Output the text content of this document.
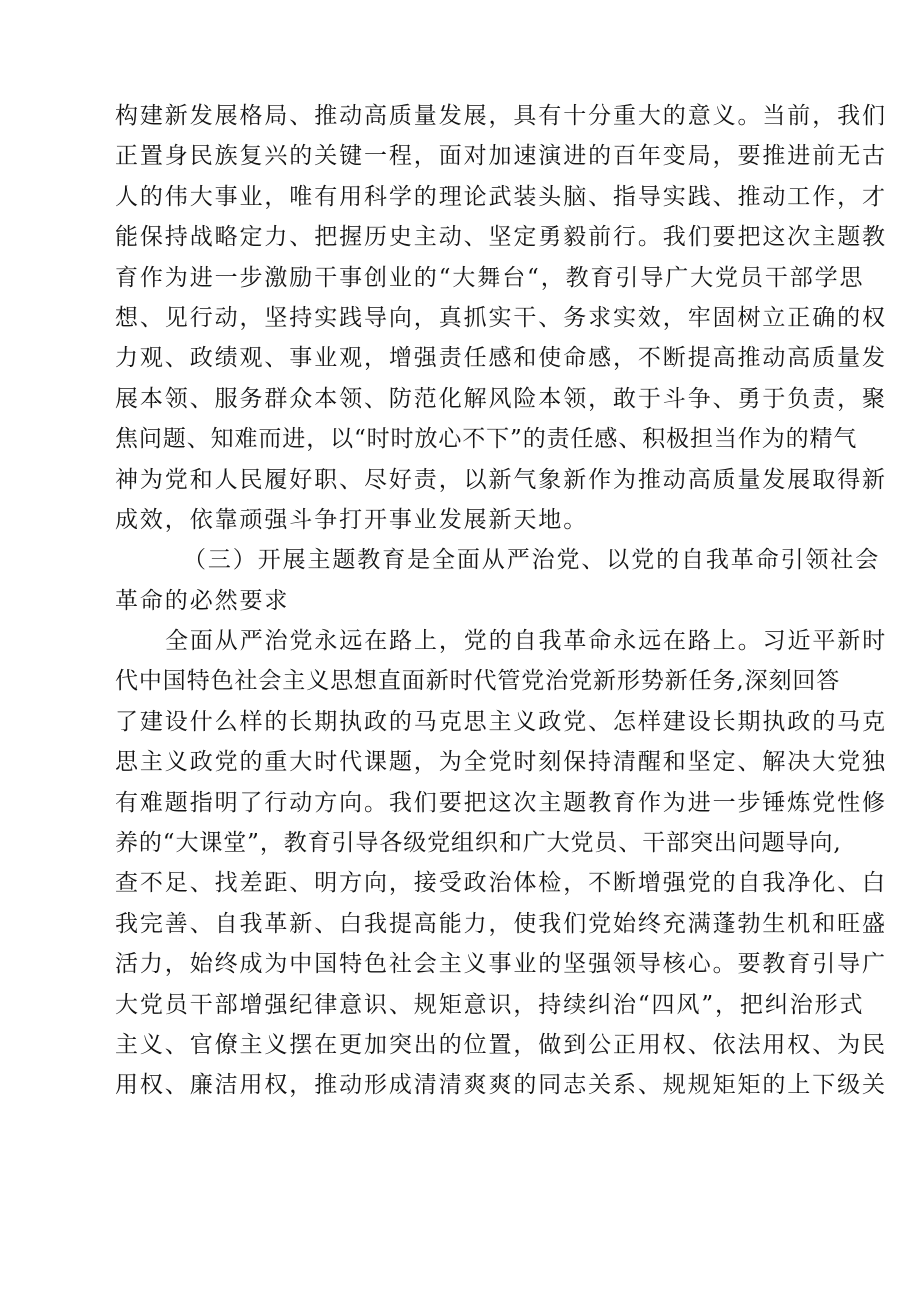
构建新发展格局、推动高质量发展，具有十分重大的意义。当前，我们
正置身民族复兴的关键一程，面对加速演进的百年变局，要推进前无古
人的伟大事业，唯有用科学的理论武装头脑、指导实践、推动工作，才
能保持战略定力、把握历史主动、坚定勇毅前行。我们要把这次主题教
育作为进一步激励干事创业的“大舞台“，教育引导广大党员干部学思
想、见行动，坚持实践导向，真抓实干、务求实效，牢固树立正确的权
力观、政绩观、事业观，增强责任感和使命感，不断提高推动高质量发
展本领、服务群众本领、防范化解风险本领，敢于斗争、勇于负责，聚
焦问题、知难而进，以“时时放心不下”的责任感、积极担当作为的精气
神为党和人民履好职、尽好责，以新气象新作为推动高质量发展取得新
成效，依靠顽强斗争打开事业发展新天地。
（三）开展主题教育是全面从严治党、以党的自我革命引领社会
革命的必然要求
全面从严治党永远在路上，党的自我革命永远在路上。习近平新时
代中国特色社会主义思想直面新时代管党治党新形势新任务,深刻回答
了建设什么样的长期执政的马克思主义政党、怎样建设长期执政的马克
思主义政党的重大时代课题，为全党时刻保持清醒和坚定、解决大党独
有难题指明了行动方向。我们要把这次主题教育作为进一步锤炼党性修
养的“大课堂”，教育引导各级党组织和广大党员、干部突出问题导向,
查不足、找差距、明方向，接受政治体检，不断增强党的自我净化、白
我完善、自我革新、白我提高能力，使我们党始终充满蓬勃生机和旺盛
活力，始终成为中国特色社会主义事业的坚强领导核心。要教育引导广
大党员干部增强纪律意识、规矩意识，持续纠治“四风”，把纠治形式
主义、官僚主义摆在更加突出的位置，做到公正用权、依法用权、为民
用权、廉洁用权，推动形成清清爽爽的同志关系、规规矩矩的上下级关
